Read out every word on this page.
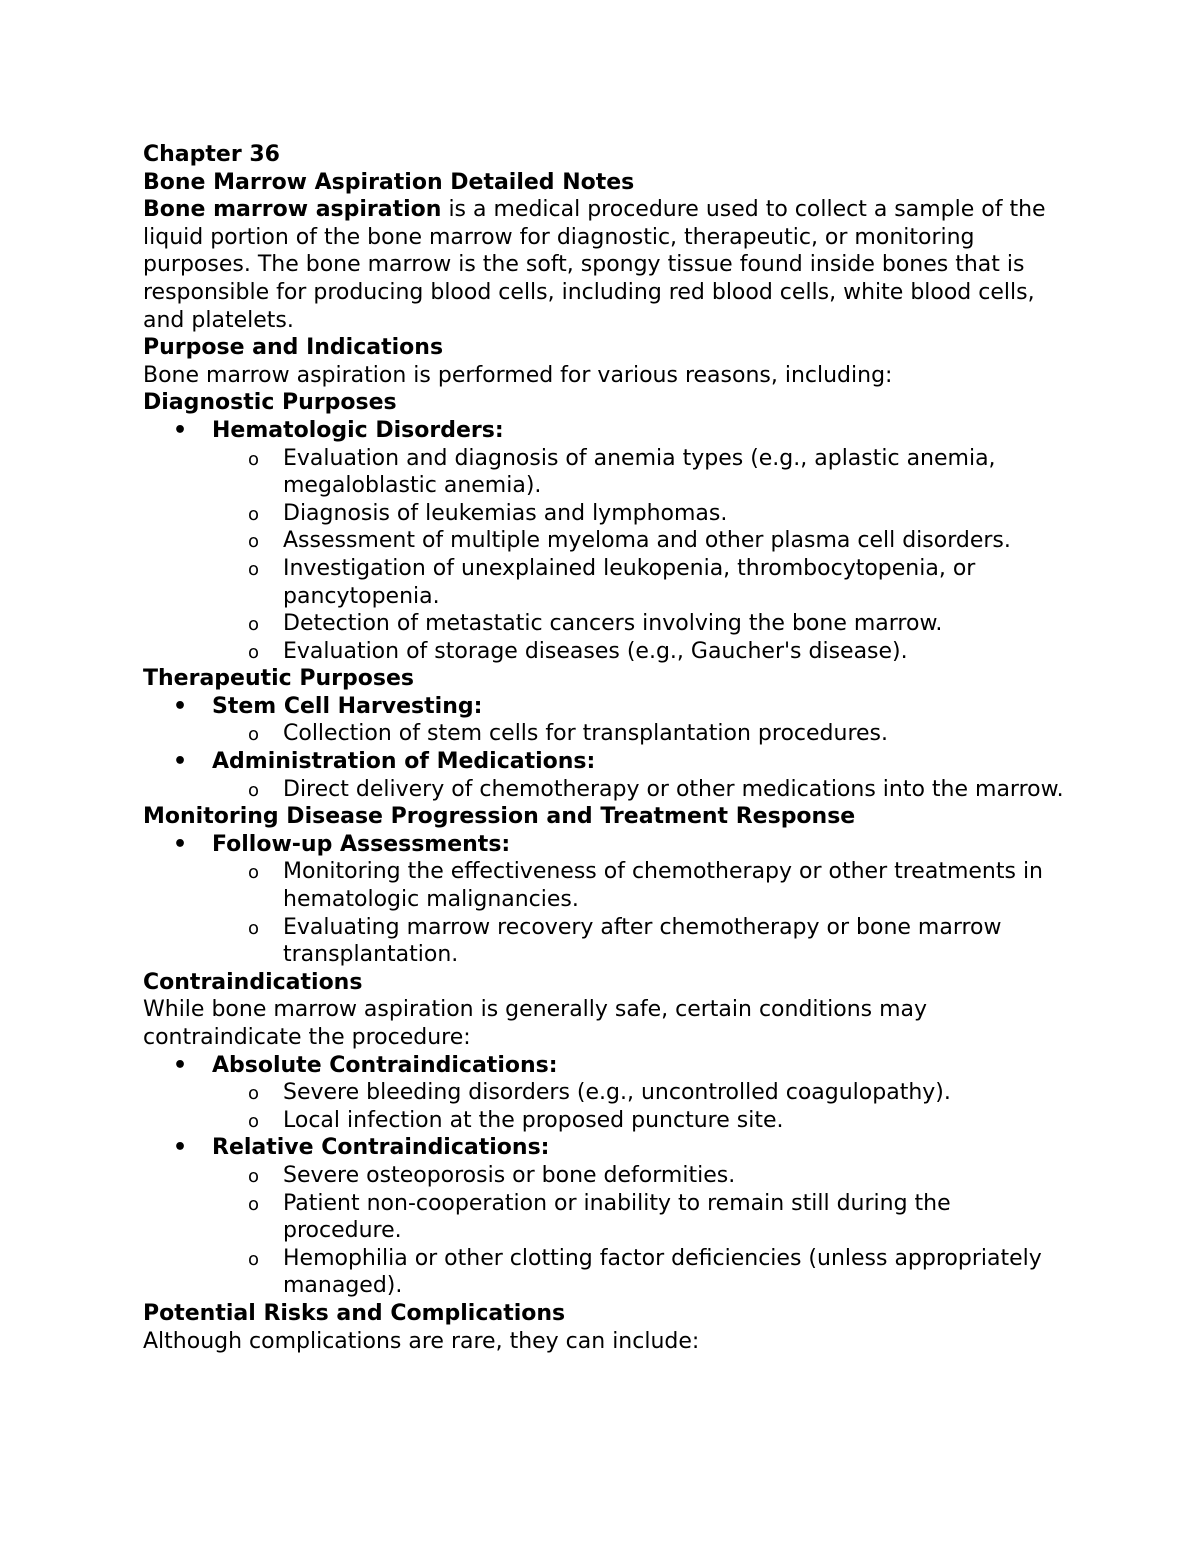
Chapter 36

Bone Marrow Aspiration Detailed Notes

Bone marrow aspiration is a medical procedure used to collect a sample of the liquid portion of the bone marrow for diagnostic, therapeutic, or monitoring purposes. The bone marrow is the soft, spongy tissue found inside bones that is responsible for producing blood cells, including red blood cells, white blood cells, and platelets.

Purpose and Indications

Bone marrow aspiration is performed for various reasons, including:

Diagnostic Purposes

• Hematologic Disorders:
o Evaluation and diagnosis of anemia types (e.g., aplastic anemia, megaloblastic anemia).
o Diagnosis of leukemias and lymphomas.
o Assessment of multiple myeloma and other plasma cell disorders.
o Investigation of unexplained leukopenia, thrombocytopenia, or pancytopenia.
o Detection of metastatic cancers involving the bone marrow.
o Evaluation of storage diseases (e.g., Gaucher's disease).

Therapeutic Purposes

• Stem Cell Harvesting:
o Collection of stem cells for transplantation procedures.
• Administration of Medications:
o Direct delivery of chemotherapy or other medications into the marrow.

Monitoring Disease Progression and Treatment Response

• Follow-up Assessments:
o Monitoring the effectiveness of chemotherapy or other treatments in hematologic malignancies.
o Evaluating marrow recovery after chemotherapy or bone marrow transplantation.

Contraindications

While bone marrow aspiration is generally safe, certain conditions may contraindicate the procedure:

• Absolute Contraindications:
o Severe bleeding disorders (e.g., uncontrolled coagulopathy).
o Local infection at the proposed puncture site.
• Relative Contraindications:
o Severe osteoporosis or bone deformities.
o Patient non-cooperation or inability to remain still during the procedure.
o Hemophilia or other clotting factor deficiencies (unless appropriately managed).

Potential Risks and Complications

Although complications are rare, they can include:
